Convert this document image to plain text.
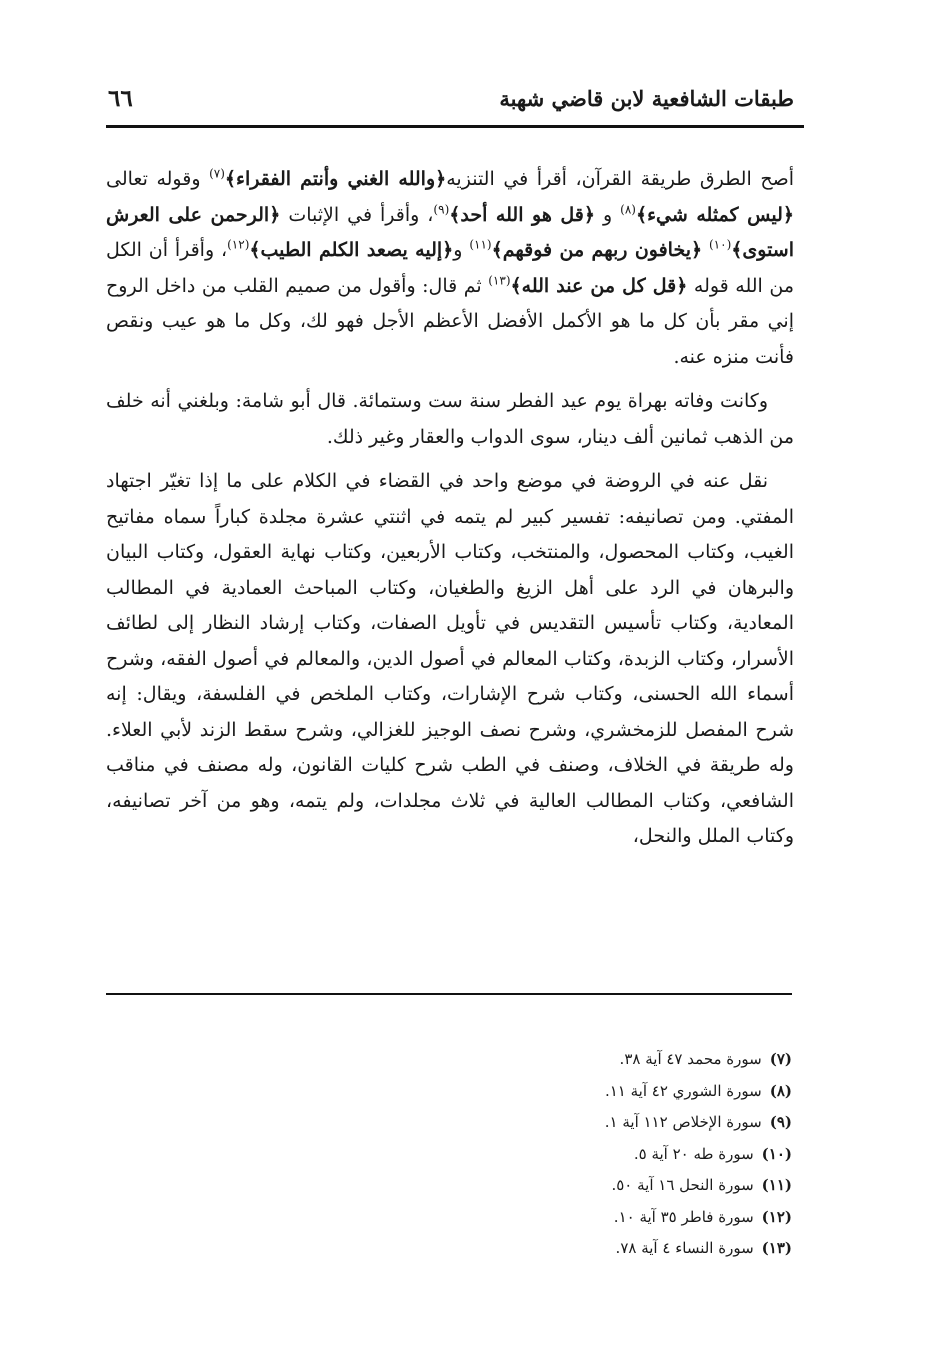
طبقات الشافعية لابن قاضي شهبة
٦٦

أصح الطرق طريقة القرآن، أقرأ في التنزيه﴿والله الغني وأنتم الفقراء﴾$^{(٧)}$ وقوله تعالى ﴿ليس كمثله شيء﴾$^{(٨)}$ و ﴿قل هو الله أحد﴾$^{(٩)}$، وأقرأ في الإثبات ﴿الرحمن على العرش استوى﴾$^{(١٠)}$ ﴿يخافون ربهم من فوقهم﴾$^{(١١)}$ و﴿إليه يصعد الكلم الطيب﴾$^{(١٢)}$، وأقرأ أن الكل من الله قوله ﴿قل كل من عند الله﴾$^{(١٣)}$ ثم قال: وأقول من صميم القلب من داخل الروح إني مقر بأن كل ما هو الأكمل الأفضل الأعظم الأجل فهو لك، وكل ما هو عيب ونقص فأنت منزه عنه.

وكانت وفاته بهراة يوم عيد الفطر سنة ست وستمائة. قال أبو شامة: وبلغني أنه خلف من الذهب ثمانين ألف دينار، سوى الدواب والعقار وغير ذلك.

نقل عنه في الروضة في موضع واحد في القضاء في الكلام على ما إذا تغيّر اجتهاد المفتي. ومن تصانيفه: تفسير كبير لم يتمه في اثنتي عشرة مجلدة كباراً سماه مفاتيح الغيب، وكتاب المحصول، والمنتخب، وكتاب الأربعين، وكتاب نهاية العقول، وكتاب البيان والبرهان في الرد على أهل الزيغ والطغيان، وكتاب المباحث العمادية في المطالب المعادية، وكتاب تأسيس التقديس في تأويل الصفات، وكتاب إرشاد النظار إلى لطائف الأسرار، وكتاب الزبدة، وكتاب المعالم في أصول الدين، والمعالم في أصول الفقه، وشرح أسماء الله الحسنى، وكتاب شرح الإشارات، وكتاب الملخص في الفلسفة، ويقال: إنه شرح المفصل للزمخشري، وشرح نصف الوجيز للغزالي، وشرح سقط الزند لأبي العلاء. وله طريقة في الخلاف، وصنف في الطب شرح كليات القانون، وله مصنف في مناقب الشافعي، وكتاب المطالب العالية في ثلاث مجلدات، ولم يتمه، وهو من آخر تصانيفه، وكتاب الملل والنحل،

(٧)سورة محمد ٤٧ آية ٣٨.
(٨)سورة الشوري ٤٢ آية ١١.
(٩)سورة الإخلاص ١١٢ آية ١.
(١٠)سورة طه ٢٠ آية ٥.
(١١)سورة النحل ١٦ آية ٥٠.
(١٢)سورة فاطر ٣٥ آية ١٠.
(١٣)سورة النساء ٤ آية ٧٨.
